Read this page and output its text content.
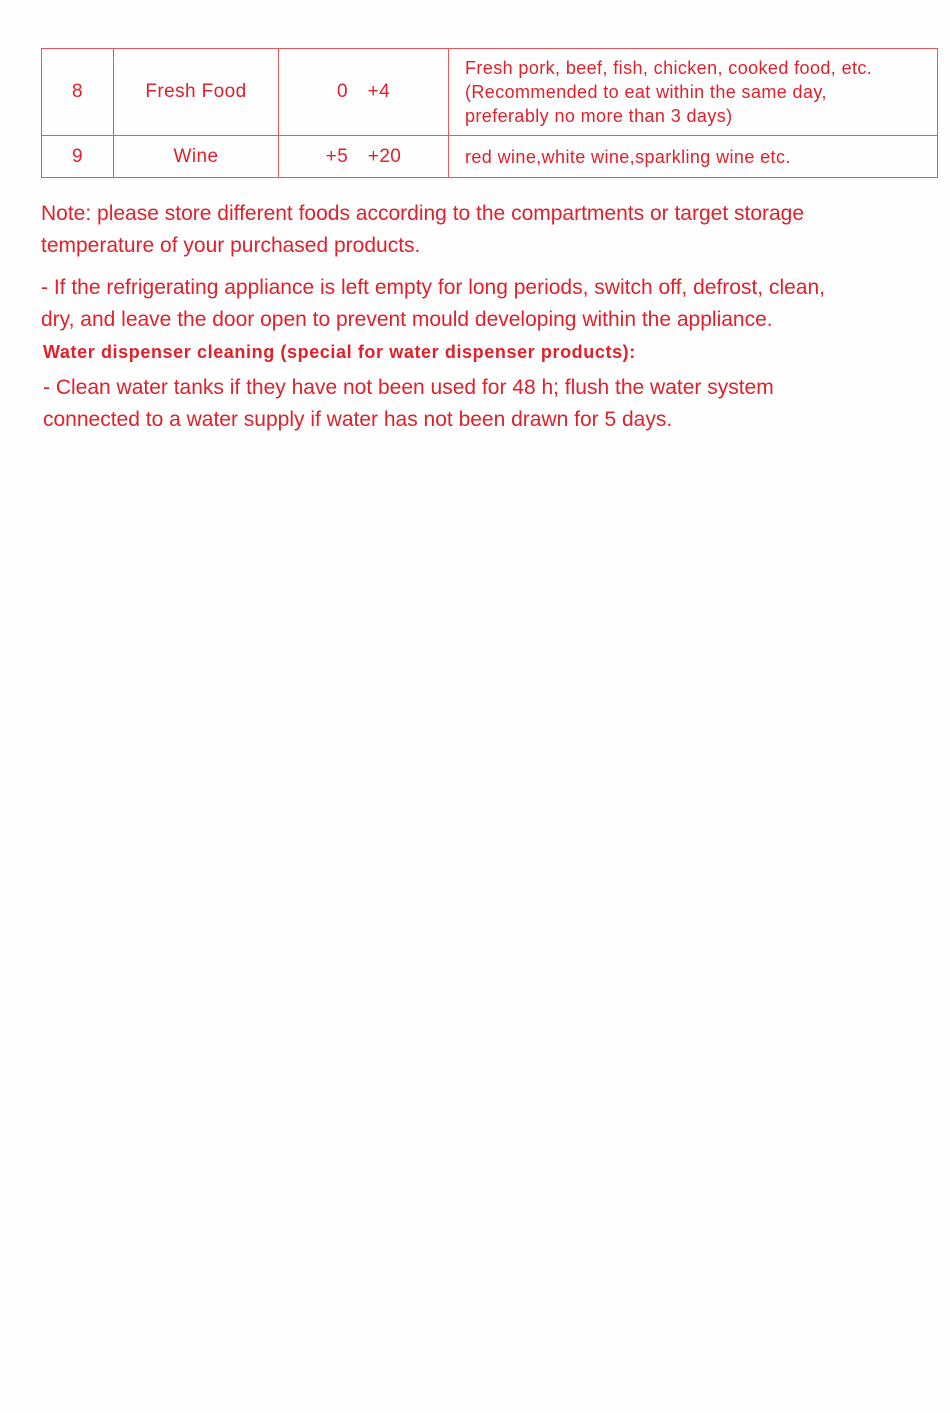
8	Fresh Food	0 +4	Fresh pork, beef, fish, chicken, cooked food, etc.
(Recommended to eat within the same day,
preferably no more than 3 days)

9	Wine	+5 +20	red wine,white wine,sparkling wine etc.

Note: please store different foods according to the compartments or target storage
temperature of your purchased products.

- If the refrigerating appliance is left empty for long periods, switch off, defrost, clean,
dry, and leave the door open to prevent mould developing within the appliance.

Water dispenser cleaning (special for water dispenser products):

- Clean water tanks if they have not been used for 48 h; flush the water system
connected to a water supply if water has not been drawn for 5 days.
